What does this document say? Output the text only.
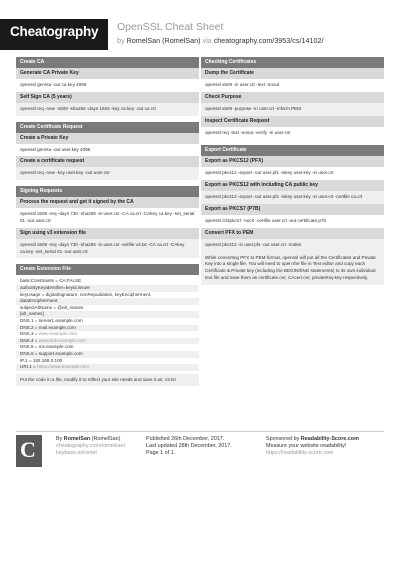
Cheatography OpenSSL Cheat Sheet
by RomelSan (RomelSan) via cheatography.com/3953/cs/14102/
Create CA
Generate CA Private Key
openssl genrsa -out ca.key 4096
Self Sign CA (5 years)
openssl req -new -x509 -sha256 -days 1826 -key ca.key -out ca.crt
Create Certificate Request
Create a Private Key
openssl genrsa -out user.key 4096
Create a certificate request
openssl req -new -key user.key -out user.csr
Signing Requests
Process the request and get it signed by the CA
openssl x509 -req -days 730 -sha256 -in user.csr -CA ca.crt -CAkey ca.key -set_serial 01 -out user.crt
Sign using v3 extension file
openssl x509 -req -days 730 -sha256 -in user.csr -extfile v3.txt -CA ca.crt -CAkey ca.key -set_serial 01 -out user.crt
Create Extension File
basicConstraints = CA:FALSE
authorityKeyIdentifier=keyid,issuer
keyUsage = digitalSignature, nonRepudiation, keyEncipherment,
dataEncipherment
subjectAltName = @alt_names
[alt_names]
DNS.1 = server1.example.com
DNS.2 = mail.example.com
DNS.3 = www.example.com
DNS.4 = www.sub.example.com
DNS.5 = mx.example.com
DNS.6 = support.example.com
IP.1 = 192.168.0.100
URI.1 = https://www.example.com
Put the code in a file, modify it to reflect your site needs and save it as: v3.txt
Checking Certificates
Dump the Certificate
openssl x509 -in user.crt -text -noout
Check Purpose
openssl x509 -purpose -in user.crt -inform PEM
Inspect Certificate Request
openssl req -text -noout -verify -in user.csr
Export Certificate
Export as PKCS12 (PFX)
openssl pkcs12 -export -out user.pfx -inkey user.key -in user.crt
Export as PKCS12 with including CA public key
openssl pkcs12 -export -out user.pfx -inkey user.key -in user.crt -certfile ca.crt
Export as PKCS7 (P7B)
openssl crl2pkcs7 -nocrl -certfile user.crt -out certificate.p7b
Convert PFX to PEM
openssl pkcs12 -in user.pfx -out user.crt -nodes
While converting PFX to PEM format, openssl will put all the Certificates and Private Key into a single file. You will need to open the file in Text editor and copy each Certificate & Private key (including the BEGIN/END statements) to its own individual text file and save them as certificate.cer, CAcert.cer, privateKey.key respectively.
C	By RomelSan (RomelSan)
cheatography.com/romelsan/
keybase.io/romel
Published 26th December, 2017.
Last updated 28th December, 2017.
Page 1 of 1.
Sponsored by Readability-Score.com
Measure your website readability!
https://readability-score.com
